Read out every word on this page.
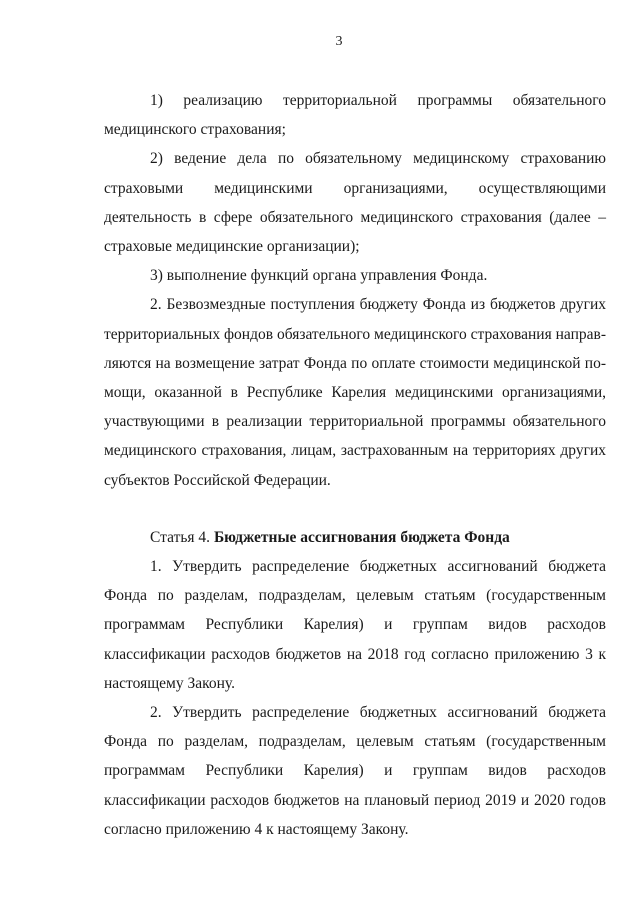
3

1) реализацию территориальной программы обязательного медицинского страхования;

2) ведение дела по обязательному медицинскому страхованию страховыми медицинскими организациями, осуществляющими деятельность в сфере обязательного медицинского страхования (далее – страховые медицинские организации);

3) выполнение функций органа управления Фонда.

2. Безвозмездные поступления бюджету Фонда из бюджетов других территориальных фондов обязательного медицинского страхования направляются на возмещение затрат Фонда по оплате стоимости медицинской помощи, оказанной в Республике Карелия медицинскими организациями, участвующими в реализации территориальной программы обязательного медицинского страхования, лицам, застрахованным на территориях других субъектов Российской Федерации.

Статья 4. Бюджетные ассигнования бюджета Фонда

1. Утвердить распределение бюджетных ассигнований бюджета Фонда по разделам, подразделам, целевым статьям (государственным программам Республики Карелия) и группам видов расходов классификации расходов бюджетов на 2018 год согласно приложению 3 к настоящему Закону.

2. Утвердить распределение бюджетных ассигнований бюджета Фонда по разделам, подразделам, целевым статьям (государственным программам Республики Карелия) и группам видов расходов классификации расходов бюджетов на плановый период 2019 и 2020 годов согласно приложению 4 к настоящему Закону.
